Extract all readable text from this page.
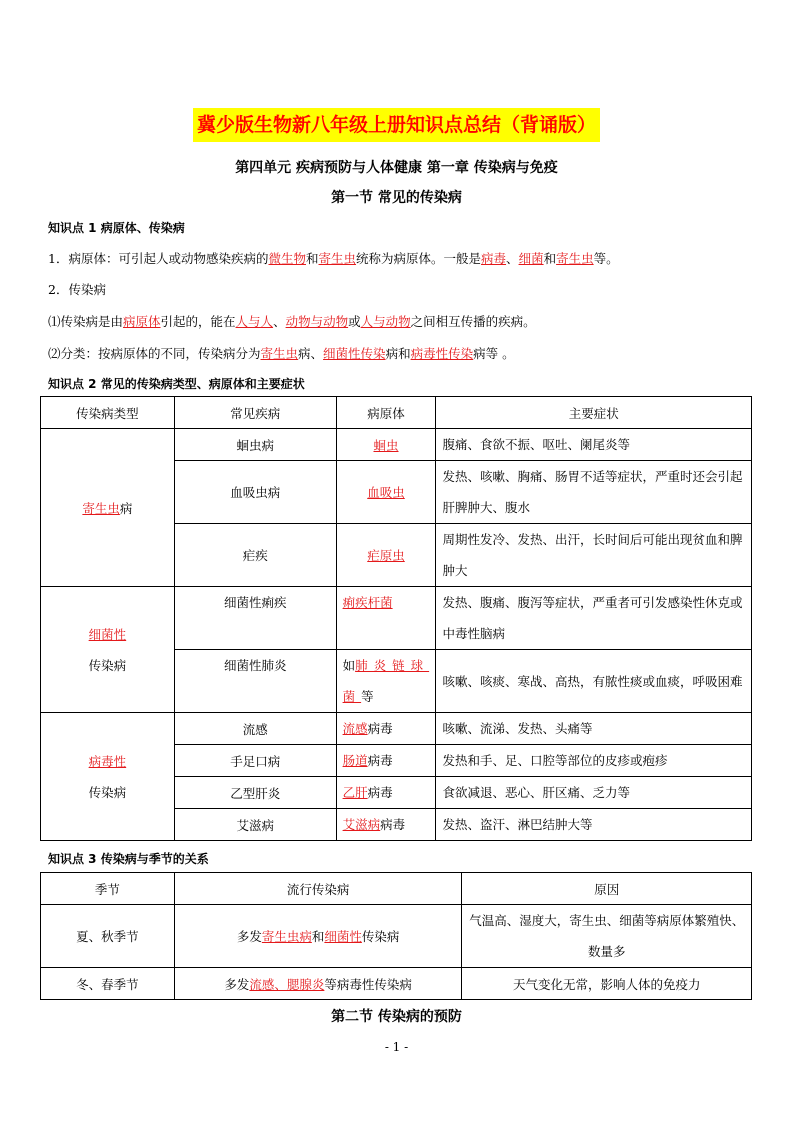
冀少版生物新八年级上册知识点总结（背诵版）
第四单元 疾病预防与人体健康 第一章 传染病与免疫
第一节 常见的传染病
知识点 1 病原体、传染病
1．病原体：可引起人或动物感染疾病的微生物和寄生虫统称为病原体。一般是病毒、细菌和寄生虫等。
2．传染病
⑴传染病是由病原体引起的，能在人与人、动物与动物或人与动物之间相互传播的疾病。
⑵分类：按病原体的不同，传染病分为寄生虫病、细菌性传染病和病毒性传染病等 。
知识点 2 常见的传染病类型、病原体和主要症状
传染病类型	常见疾病	病原体	主要症状
寄生虫病	蛔虫病	蛔虫	腹痛、食欲不振、呕吐、阑尾炎等
	血吸虫病	血吸虫	发热、咳嗽、胸痛、肠胃不适等症状，严重时还会引起肝脾肿大、腹水
	疟疾	疟原虫	周期性发冷、发热、出汗，长时间后可能出现贫血和脾肿大
细菌性
传染病	细菌性痢疾	痢疾杆菌	发热、腹痛、腹泻等症状，严重者可引发感染性休克或中毒性脑病
	细菌性肺炎	如肺炎链球菌等	咳嗽、咳痰、寒战、高热，有脓性痰或血痰，呼吸困难
病毒性
传染病	流感	流感病毒	咳嗽、流涕、发热、头痛等
	手足口病	肠道病毒	发热和手、足、口腔等部位的皮疹或疱疹
	乙型肝炎	乙肝病毒	食欲减退、恶心、肝区痛、乏力等
	艾滋病	艾滋病病毒	发热、盗汗、淋巴结肿大等
知识点 3 传染病与季节的关系
季节	流行传染病	原因
夏、秋季节	多发寄生虫病和细菌性传染病	气温高、湿度大，寄生虫、细菌等病原体繁殖快、数量多
冬、春季节	多发流感、腮腺炎等病毒性传染病	天气变化无常，影响人体的免疫力
第二节 传染病的预防
- 1 -
